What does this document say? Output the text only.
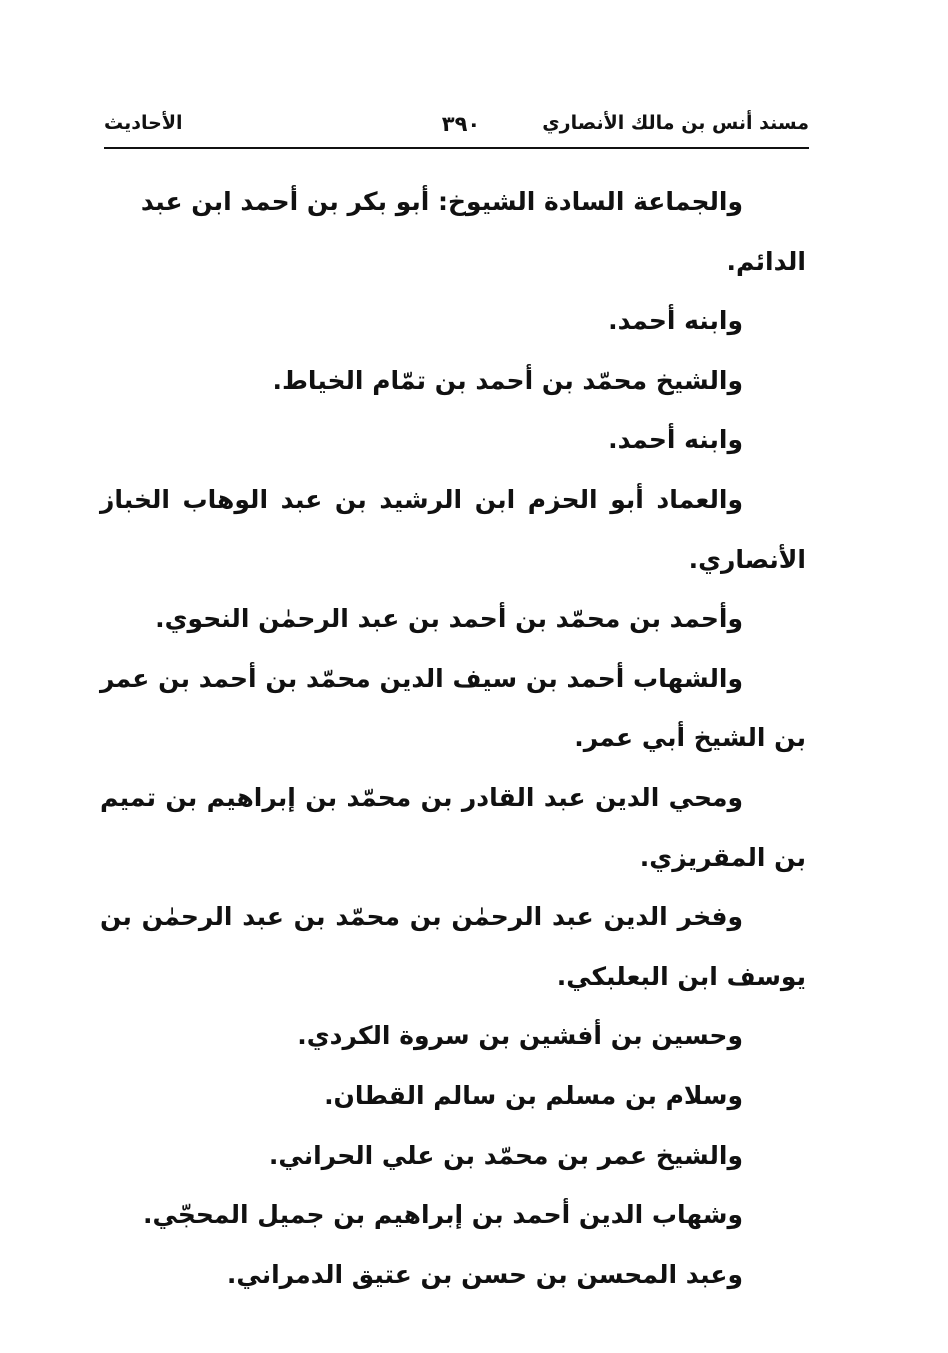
مسند أنس بن مالك الأنصاري
٣٩٠
الأحاديث

والجماعة السادة الشيوخ: أبو بكر بن أحمد ابن عبد الدائم.

وابنه أحمد.

والشيخ محمّد بن أحمد بن تمّام الخياط.

وابنه أحمد.

والعماد أبو الحزم ابن الرشيد بن عبد الوهاب الخباز الأنصاري.

وأحمد بن محمّد بن أحمد بن عبد الرحمٰن النحوي.

والشهاب أحمد بن سيف الدين محمّد بن أحمد بن عمر بن الشيخ أبي عمر.

ومحي الدين عبد القادر بن محمّد بن إبراهيم بن تميم بن المقريزي.

وفخر الدين عبد الرحمٰن بن محمّد بن عبد الرحمٰن بن يوسف ابن البعلبكي.

وحسين بن أفشين بن سروة الكردي.

وسلام بن مسلم بن سالم القطان.

والشيخ عمر بن محمّد بن علي الحراني.

وشهاب الدين أحمد بن إبراهيم بن جميل المحجّي.

وعبد المحسن بن حسن بن عتيق الدمراني.
